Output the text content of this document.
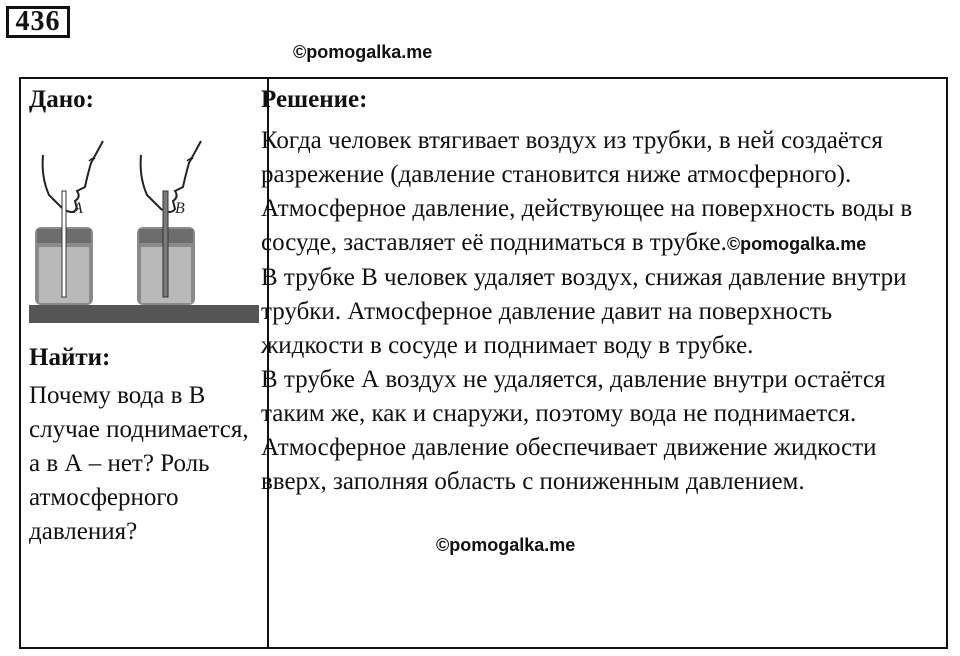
436
©pomogalka.me
Дано:
A	B
Найти:
Почему вода в В случае поднимается, а в А – нет? Роль атмосферного давления?
Решение:

Когда человек втягивает воздух из трубки, в ней создаётся разрежение (давление становится ниже атмосферного). Атмосферное давление, действующее на поверхность воды в сосуде, заставляет её подниматься в трубке.©pomogalka.me

В трубке В человек удаляет воздух, снижая давление внутри трубки. Атмосферное давление давит на поверхность жидкости в сосуде и поднимает воду в трубке.

В трубке А воздух не удаляется, давление внутри остаётся таким же, как и снаружи, поэтому вода не поднимается.

Атмосферное давление обеспечивает движение жидкости вверх, заполняя область с пониженным давлением.

©pomogalka.me
